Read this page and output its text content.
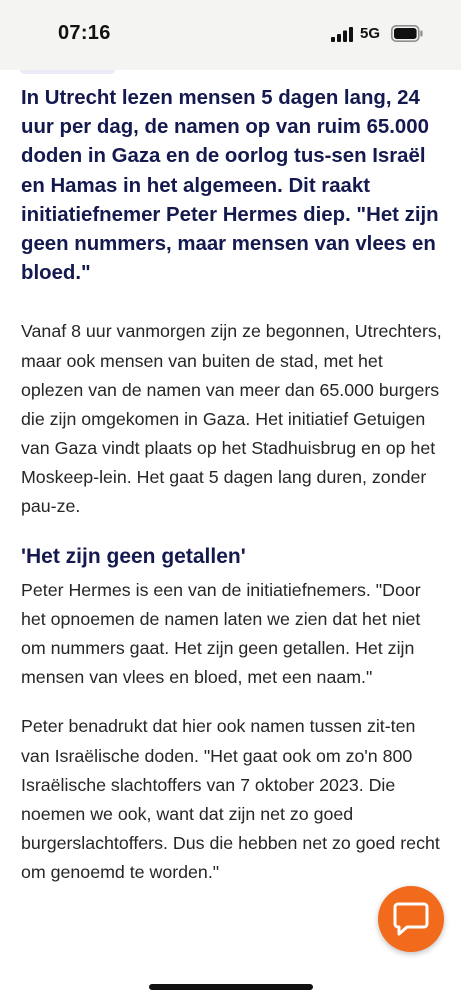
07:16	5G

In Utrecht lezen mensen 5 dagen lang, 24 uur per dag, de namen op van ruim 65.000 doden in Gaza en de oorlog tus-sen Israël en Hamas in het algemeen. Dit raakt initiatiefnemer Peter Hermes diep. "Het zijn geen nummers, maar mensen van vlees en bloed."

Vanaf 8 uur vanmorgen zijn ze begonnen, Utrechters, maar ook mensen van buiten de stad, met het oplezen van de namen van meer dan 65.000 burgers die zijn omgekomen in Gaza. Het initiatief Getuigen van Gaza vindt plaats op het Stadhuisbrug en op het Moskeep-lein. Het gaat 5 dagen lang duren, zonder pau-ze.

'Het zijn geen getallen'

Peter Hermes is een van de initiatiefnemers. "Door het opnoemen de namen laten we zien dat het niet om nummers gaat. Het zijn geen getallen. Het zijn mensen van vlees en bloed, met een naam."

Peter benadrukt dat hier ook namen tussen zit-ten van Israëlische doden. "Het gaat ook om zo'n 800 Israëlische slachtoffers van 7 oktober 2023. Die noemen we ook, want dat zijn net zo goed burgerslachtoffers. Dus die hebben net zo goed recht om genoemd te worden."
